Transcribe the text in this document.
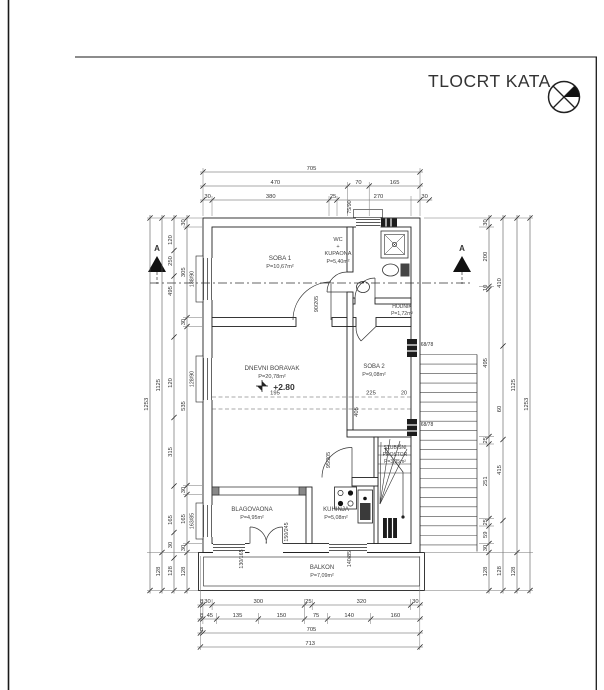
TLOCRT KATA
A	A
SOBA 1
P=10,67m²
WC
+
KUPAONA
P=5,40m²
HODNIK
P=1,72m²
DNEVNI BORAVAK
P=20,78m²
+2.80
SOBA 2
P=9,08m²
STUBIŠNI
PROSTOR
P=3,35m²
BLAGOVAONA
P=4,95m²
KUHINJA
P=5,08m²
BALKON
P=7,09m²
195	225	20
405
138/90
128/90
163/85
75/90
150/245
130/165	140/85
90/205
95/205
68/78
68/78
705
470	70	165
30	380	25	270	30
8 30	300	25	320	30
8 45	135	150	75	140	160
8	705
713
1253
1125
128
120
250
495
120
315
165
30
128
30
305
30
535
30
165
30
128
30
200
10
495
25
251
25
59
30
128
410
60
415
128
1125
128
1253
